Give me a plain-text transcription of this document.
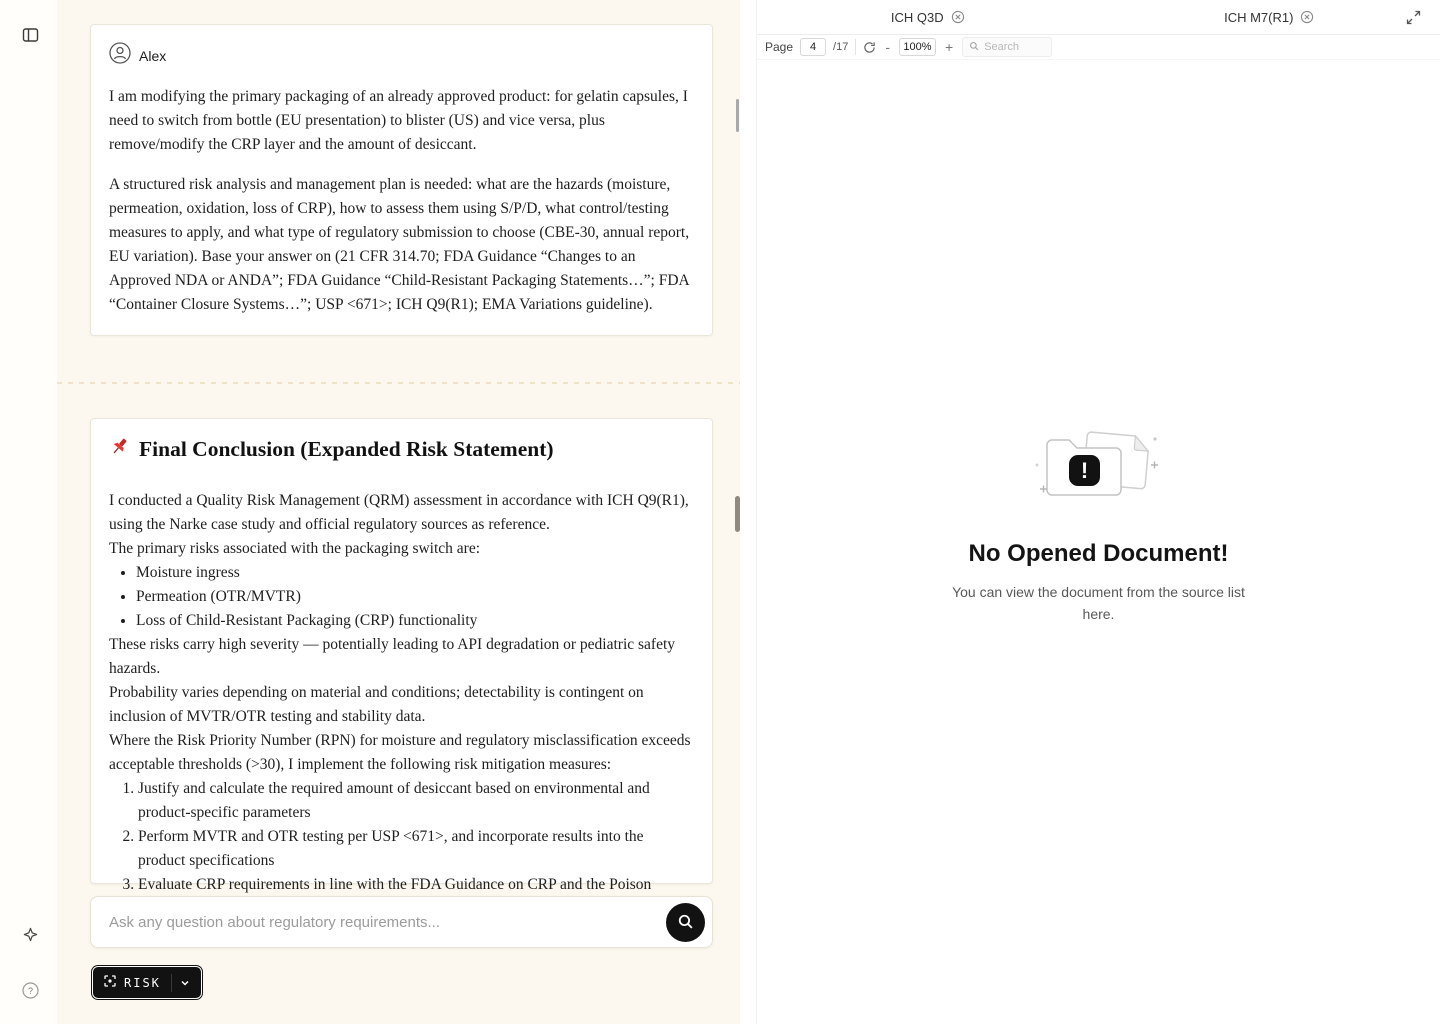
?
Alex

I am modifying the primary packaging of an already approved product: for gelatin capsules, I need to switch from bottle (EU presentation) to blister (US) and vice versa, plus remove/modify the CRP layer and the amount of desiccant.

A structured risk analysis and management plan is needed: what are the hazards (moisture, permeation, oxidation, loss of CRP), how to assess them using S/P/D, what control/testing measures to apply, and what type of regulatory submission to choose (CBE-30, annual report, EU variation). Base your answer on (21 CFR 314.70; FDA Guidance “Changes to an Approved NDA or ANDA”; FDA Guidance “Child-Resistant Packaging Statements…”; FDA “Container Closure Systems…”; USP <671>; ICH Q9(R1); EMA Variations guideline).

Final Conclusion (Expanded Risk Statement)

I conducted a Quality Risk Management (QRM) assessment in accordance with ICH Q9(R1), using the Narke case study and official regulatory sources as reference.

The primary risks associated with the packaging switch are:

• Moisture ingress
• Permeation (OTR/MVTR)
• Loss of Child-Resistant Packaging (CRP) functionality

These risks carry high severity — potentially leading to API degradation or pediatric safety hazards.

Probability varies depending on material and conditions; detectability is contingent on inclusion of MVTR/OTR testing and stability data.

Where the Risk Priority Number (RPN) for moisture and regulatory misclassification exceeds acceptable thresholds (>30), I implement the following risk mitigation measures:

1. Justify and calculate the required amount of desiccant based on environmental and product-specific parameters
2. Perform MVTR and OTR testing per USP <671>, and incorporate results into the product specifications
3. Evaluate CRP requirements in line with the FDA Guidance on CRP and the Poison
Ask any question about regulatory requirements...
RISK
ICH Q3D	ICH M7(R1)
Page
4	/17	-
100%	+
Search
!
No Opened Document!
You can view the document from the source list here.
